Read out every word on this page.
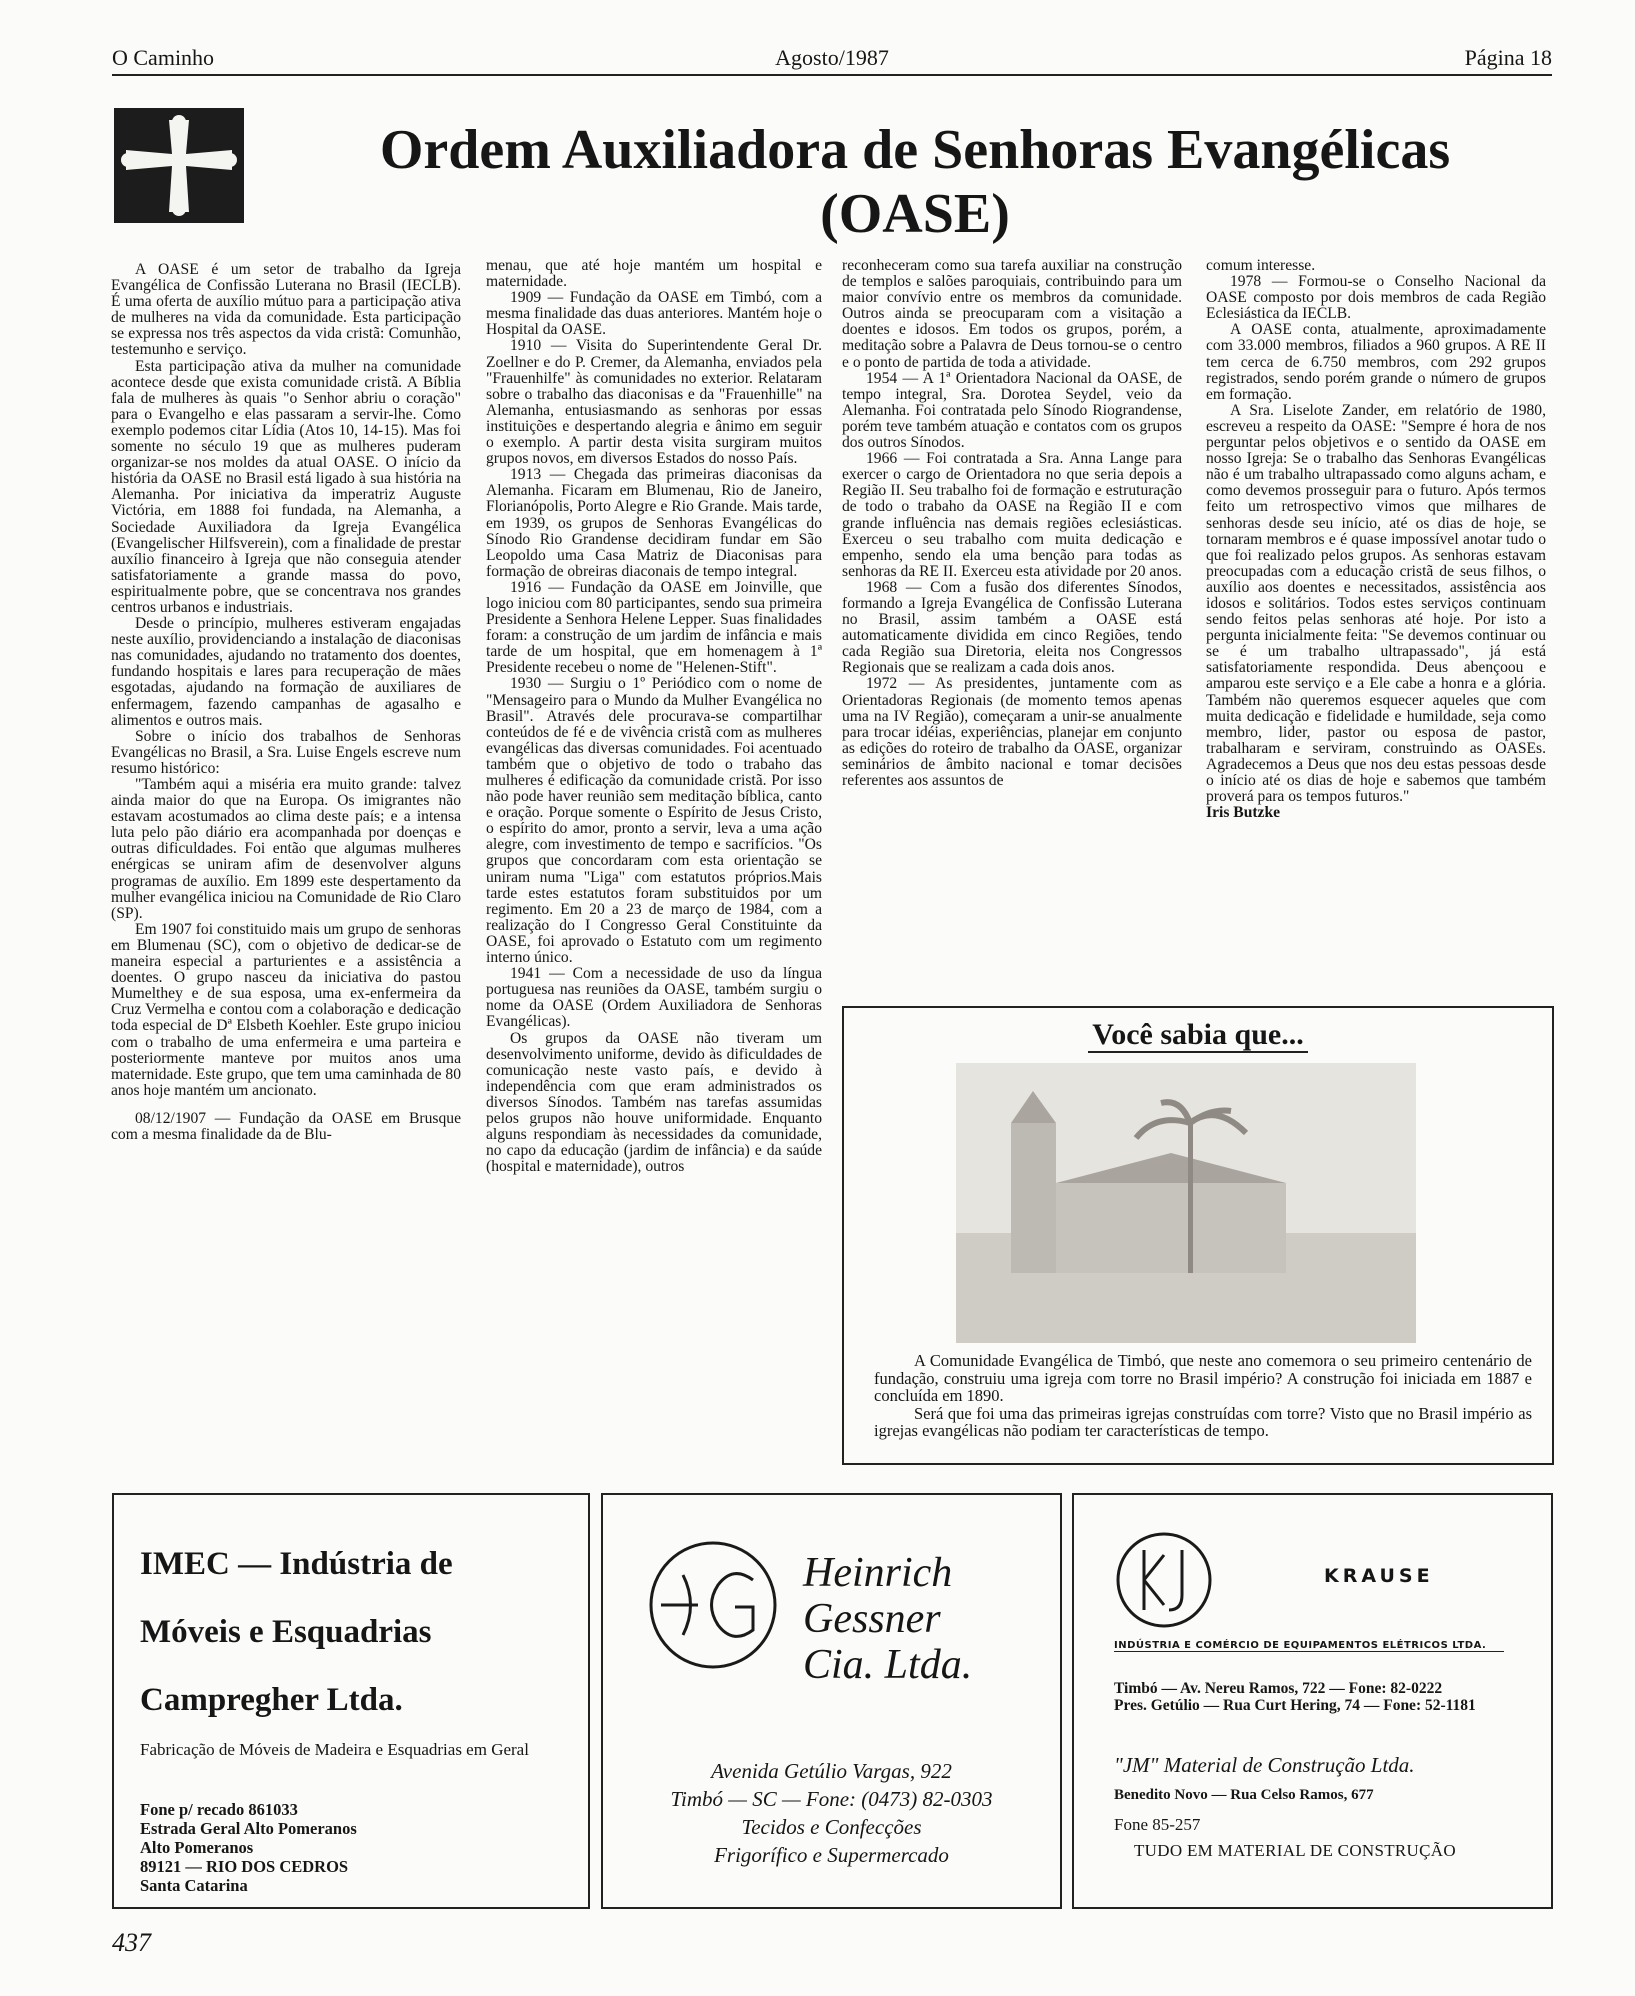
O Caminho	Agosto/1987	Página 18
Ordem Auxiliadora de Senhoras Evangélicas
(OASE)

A OASE é um setor de trabalho da Igreja Evangélica de Confissão Luterana no Brasil (IECLB). É uma oferta de auxílio mútuo para a participação ativa de mulheres na vida da comunidade. Esta participação se expressa nos três aspectos da vida cristã: Comunhão, testemunho e serviço.

Esta participação ativa da mulher na comunidade acontece desde que exista comunidade cristã. A Bíblia fala de mulheres às quais "o Senhor abriu o coração" para o Evangelho e elas passaram a servir-lhe. Como exemplo podemos citar Lídia (Atos 10, 14-15). Mas foi somente no século 19 que as mulheres puderam organizar-se nos moldes da atual OASE. O início da história da OASE no Brasil está ligado à sua história na Alemanha. Por iniciativa da imperatriz Auguste Victória, em 1888 foi fundada, na Alemanha, a Sociedade Auxiliadora da Igreja Evangélica (Evangelischer Hilfsverein), com a finalidade de prestar auxílio financeiro à Igreja que não conseguia atender satisfatoriamente a grande massa do povo, espiritualmente pobre, que se concentrava nos grandes centros urbanos e industriais.

Desde o princípio, mulheres estiveram engajadas neste auxílio, providenciando a instalação de diaconisas nas comunidades, ajudando no tratamento dos doentes, fundando hospitais e lares para recuperação de mães esgotadas, ajudando na formação de auxiliares de enfermagem, fazendo campanhas de agasalho e alimentos e outros mais.

Sobre o início dos trabalhos de Senhoras Evangélicas no Brasil, a Sra. Luise Engels escreve num resumo histórico:

"Também aqui a miséria era muito grande: talvez ainda maior do que na Europa. Os imigrantes não estavam acostumados ao clima deste país; e a intensa luta pelo pão diário era acompanhada por doenças e outras dificuldades. Foi então que algumas mulheres enérgicas se uniram afim de desenvolver alguns programas de auxílio. Em 1899 este despertamento da mulher evangélica iniciou na Comunidade de Rio Claro (SP).

Em 1907 foi constituido mais um grupo de senhoras em Blumenau (SC), com o objetivo de dedicar-se de maneira especial a parturientes e a assistência a doentes. O grupo nasceu da iniciativa do pastou Mumelthey e de sua esposa, uma ex-enfermeira da Cruz Vermelha e contou com a colaboração e dedicação toda especial de Dª Elsbeth Koehler. Este grupo iniciou com o trabalho de uma enfermeira e uma parteira e posteriormente manteve por muitos anos uma maternidade. Este grupo, que tem uma caminhada de 80 anos hoje mantém um ancionato.

08/12/1907 — Fundação da OASE em Brusque com a mesma finalidade da de Blu-

menau, que até hoje mantém um hospital e maternidade.

1909 — Fundação da OASE em Timbó, com a mesma finalidade das duas anteriores. Mantém hoje o Hospital da OASE.

1910 — Visita do Superintendente Geral Dr. Zoellner e do P. Cremer, da Alemanha, enviados pela "Frauenhilfe" às comunidades no exterior. Relataram sobre o trabalho das diaconisas e da "Frauenhille" na Alemanha, entusiasmando as senhoras por essas instituições e despertando alegria e ânimo em seguir o exemplo. A partir desta visita surgiram muitos grupos novos, em diversos Estados do nosso País.

1913 — Chegada das primeiras diaconisas da Alemanha. Ficaram em Blumenau, Rio de Janeiro, Florianópolis, Porto Alegre e Rio Grande. Mais tarde, em 1939, os grupos de Senhoras Evangélicas do Sínodo Rio Grandense decidiram fundar em São Leopoldo uma Casa Matriz de Diaconisas para formação de obreiras diaconais de tempo integral.

1916 — Fundação da OASE em Joinville, que logo iniciou com 80 participantes, sendo sua primeira Presidente a Senhora Helene Lepper. Suas finalidades foram: a construção de um jardim de infância e mais tarde de um hospital, que em homenagem à 1ª Presidente recebeu o nome de "Helenen-Stift".

1930 — Surgiu o 1º Periódico com o nome de "Mensageiro para o Mundo da Mulher Evangélica no Brasil". Através dele procurava-se compartilhar conteúdos de fé e de vivência cristã com as mulheres evangélicas das diversas comunidades. Foi acentuado também que o objetivo de todo o trabaho das mulheres é edificação da comunidade cristã. Por isso não pode haver reunião sem meditação bíblica, canto e oração. Porque somente o Espírito de Jesus Cristo, o espírito do amor, pronto a servir, leva a uma ação alegre, com investimento de tempo e sacrifícios. "Os grupos que concordaram com esta orientação se uniram numa "Liga" com estatutos próprios.Mais tarde estes estatutos foram substituidos por um regimento. Em 20 a 23 de março de 1984, com a realização do I Congresso Geral Constituinte da OASE, foi aprovado o Estatuto com um regimento interno único.

1941 — Com a necessidade de uso da língua portuguesa nas reuniões da OASE, também surgiu o nome da OASE (Ordem Auxiliadora de Senhoras Evangélicas).

Os grupos da OASE não tiveram um desenvolvimento uniforme, devido às dificuldades de comunicação neste vasto país, e devido à independência com que eram administrados os diversos Sínodos. Também nas tarefas assumidas pelos grupos não houve uniformidade. Enquanto alguns respondiam às necessidades da comunidade, no capo da educação (jardim de infância) e da saúde (hospital e maternidade), outros

reconheceram como sua tarefa auxiliar na construção de templos e salões paroquiais, contribuindo para um maior convívio entre os membros da comunidade. Outros ainda se preocuparam com a visitação a doentes e idosos. Em todos os grupos, porém, a meditação sobre a Palavra de Deus tornou-se o centro e o ponto de partida de toda a atividade.

1954 — A 1ª Orientadora Nacional da OASE, de tempo integral, Sra. Dorotea Seydel, veio da Alemanha. Foi contratada pelo Sínodo Riograndense, porém teve também atuação e contatos com os grupos dos outros Sínodos.

1966 — Foi contratada a Sra. Anna Lange para exercer o cargo de Orientadora no que seria depois a Região II. Seu trabalho foi de formação e estruturação de todo o trabaho da OASE na Região II e com grande influência nas demais regiões eclesiásticas. Exerceu o seu trabalho com muita dedicação e empenho, sendo ela uma benção para todas as senhoras da RE II. Exerceu esta atividade por 20 anos.

1968 — Com a fusão dos diferentes Sínodos, formando a Igreja Evangélica de Confissão Luterana no Brasil, assim também a OASE está automaticamente dividida em cinco Regiões, tendo cada Região sua Diretoria, eleita nos Congressos Regionais que se realizam a cada dois anos.

1972 — As presidentes, juntamente com as Orientadoras Regionais (de momento temos apenas uma na IV Região), começaram a unir-se anualmente para trocar idéias, experiências, planejar em conjunto as edições do roteiro de trabalho da OASE, organizar seminários de âmbito nacional e tomar decisões referentes aos assuntos de

comum interesse.

1978 — Formou-se o Conselho Nacional da OASE composto por dois membros de cada Região Eclesiástica da IECLB.

A OASE conta, atualmente, aproximadamente com 33.000 membros, filiados a 960 grupos. A RE II tem cerca de 6.750 membros, com 292 grupos registrados, sendo porém grande o número de grupos em formação.

A Sra. Liselote Zander, em relatório de 1980, escreveu a respeito da OASE: "Sempre é hora de nos perguntar pelos objetivos e o sentido da OASE em nosso Igreja: Se o trabalho das Senhoras Evangélicas não é um trabalho ultrapassado como alguns acham, e como devemos prosseguir para o futuro. Após termos feito um retrospectivo vimos que milhares de senhoras desde seu início, até os dias de hoje, se tornaram membros e é quase impossível anotar tudo o que foi realizado pelos grupos. As senhoras estavam preocupadas com a educação cristã de seus filhos, o auxílio aos doentes e necessitados, assistência aos idosos e solitários. Todos estes serviços continuam sendo feitos pelas senhoras até hoje. Por isto a pergunta inicialmente feita: "Se devemos continuar ou se é um trabalho ultrapassado", já está satisfatoriamente respondida. Deus abençoou e amparou este serviço e a Ele cabe a honra e a glória. Também não queremos esquecer aqueles que com muita dedicação e fidelidade e humildade, seja como membro, lider, pastor ou esposa de pastor, trabalharam e serviram, construindo as OASEs. Agradecemos a Deus que nos deu estas pessoas desde o início até os dias de hoje e sabemos que também proverá para os tempos futuros."

Iris Butzke

Você sabia que...

A Comunidade Evangélica de Timbó, que neste ano comemora o seu primeiro centenário de fundação, construiu uma igreja com torre no Brasil império? A construção foi iniciada em 1887 e concluída em 1890.

Será que foi uma das primeiras igrejas construídas com torre? Visto que no Brasil império as igrejas evangélicas não podiam ter características de tempo.

IMEC — Indústria de
Móveis e Esquadrias
Campregher Ltda.
Fabricação de Móveis de Madeira e Esquadrias em Geral
Fone p/ recado 861033
Estrada Geral Alto Pomeranos
Alto Pomeranos
89121 — RIO DOS CEDROS
Santa Catarina
Heinrich
Gessner
Cia. Ltda.
Avenida Getúlio Vargas, 922
Timbó — SC — Fone: (0473) 82-0303
Tecidos e Confecções
Frigorífico e Supermercado
KRAUSE
INDÚSTRIA E COMÉRCIO DE EQUIPAMENTOS ELÉTRICOS LTDA.
Timbó — Av. Nereu Ramos, 722 — Fone: 82-0222
Pres. Getúlio — Rua Curt Hering, 74 — Fone: 52-1181
"JM" Material de Construção Ltda.
Benedito Novo — Rua Celso Ramos, 677
Fone 85-257
TUDO EM MATERIAL DE CONSTRUÇÃO
437
